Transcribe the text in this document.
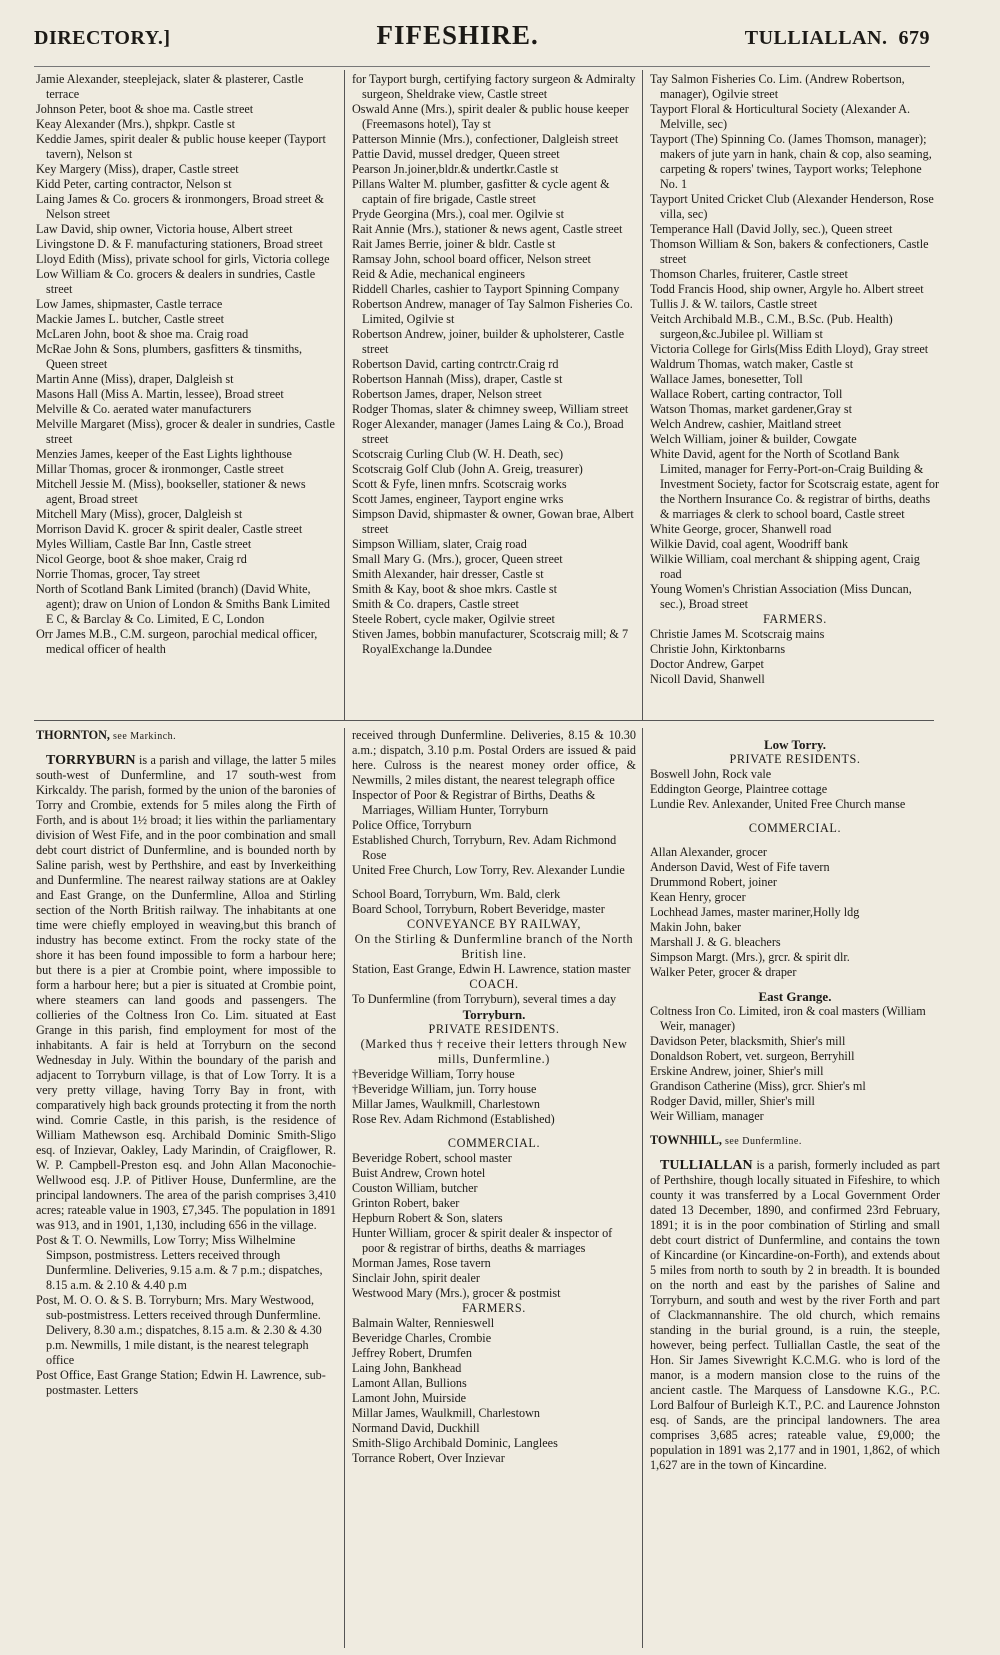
DIRECTORY.]	FIFESHIRE.	TULLIALLAN. 679

Jamie Alexander, steeplejack, slater & plasterer, Castle terrace

Johnson Peter, boot & shoe ma. Castle street

Keay Alexander (Mrs.), shpkpr. Castle st

Keddie James, spirit dealer & public house keeper (Tayport tavern), Nelson st

Key Margery (Miss), draper, Castle street

Kidd Peter, carting contractor, Nelson st

Laing James & Co. grocers & ironmongers, Broad street & Nelson street

Law David, ship owner, Victoria house, Albert street

Livingstone D. & F. manufacturing stationers, Broad street

Lloyd Edith (Miss), private school for girls, Victoria college

Low William & Co. grocers & dealers in sundries, Castle street

Low James, shipmaster, Castle terrace

Mackie James L. butcher, Castle street

McLaren John, boot & shoe ma. Craig road

McRae John & Sons, plumbers, gasfitters & tinsmiths, Queen street

Martin Anne (Miss), draper, Dalgleish st

Masons Hall (Miss A. Martin, lessee), Broad street

Melville & Co. aerated water manufacturers

Melville Margaret (Miss), grocer & dealer in sundries, Castle street

Menzies James, keeper of the East Lights lighthouse

Millar Thomas, grocer & ironmonger, Castle street

Mitchell Jessie M. (Miss), bookseller, stationer & news agent, Broad street

Mitchell Mary (Miss), grocer, Dalgleish st

Morrison David K. grocer & spirit dealer, Castle street

Myles William, Castle Bar Inn, Castle street

Nicol George, boot & shoe maker, Craig rd

Norrie Thomas, grocer, Tay street

North of Scotland Bank Limited (branch) (David White, agent); draw on Union of London & Smiths Bank Limited E C, & Barclay & Co. Limited, E C, London

Orr James M.B., C.M. surgeon, parochial medical officer, medical officer of health

for Tayport burgh, certifying factory surgeon & Admiralty surgeon, Sheldrake view, Castle street

Oswald Anne (Mrs.), spirit dealer & public house keeper (Freemasons hotel), Tay st

Patterson Minnie (Mrs.), confectioner, Dalgleish street

Pattie David, mussel dredger, Queen street

Pearson Jn.joiner,bldr.& undertkr.Castle st

Pillans Walter M. plumber, gasfitter & cycle agent & captain of fire brigade, Castle street

Pryde Georgina (Mrs.), coal mer. Ogilvie st

Rait Annie (Mrs.), stationer & news agent, Castle street

Rait James Berrie, joiner & bldr. Castle st

Ramsay John, school board officer, Nelson street

Reid & Adie, mechanical engineers

Riddell Charles, cashier to Tayport Spinning Company

Robertson Andrew, manager of Tay Salmon Fisheries Co. Limited, Ogilvie st

Robertson Andrew, joiner, builder & upholsterer, Castle street

Robertson David, carting contrctr.Craig rd

Robertson Hannah (Miss), draper, Castle st

Robertson James, draper, Nelson street

Rodger Thomas, slater & chimney sweep, William street

Roger Alexander, manager (James Laing & Co.), Broad street

Scotscraig Curling Club (W. H. Death, sec)

Scotscraig Golf Club (John A. Greig, treasurer)

Scott & Fyfe, linen mnfrs. Scotscraig works

Scott James, engineer, Tayport engine wrks

Simpson David, shipmaster & owner, Gowan brae, Albert street

Simpson William, slater, Craig road

Small Mary G. (Mrs.), grocer, Queen street

Smith Alexander, hair dresser, Castle st

Smith & Kay, boot & shoe mkrs. Castle st

Smith & Co. drapers, Castle street

Steele Robert, cycle maker, Ogilvie street

Stiven James, bobbin manufacturer, Scotscraig mill; & 7 RoyalExchange la.Dundee

Tay Salmon Fisheries Co. Lim. (Andrew Robertson, manager), Ogilvie street

Tayport Floral & Horticultural Society (Alexander A. Melville, sec)

Tayport (The) Spinning Co. (James Thomson, manager); makers of jute yarn in hank, chain & cop, also seaming, carpeting & ropers' twines, Tayport works; Telephone No. 1

Tayport United Cricket Club (Alexander Henderson, Rose villa, sec)

Temperance Hall (David Jolly, sec.), Queen street

Thomson William & Son, bakers & confectioners, Castle street

Thomson Charles, fruiterer, Castle street

Todd Francis Hood, ship owner, Argyle ho. Albert street

Tullis J. & W. tailors, Castle street

Veitch Archibald M.B., C.M., B.Sc. (Pub. Health) surgeon,&c.Jubilee pl. William st

Victoria College for Girls(Miss Edith Lloyd), Gray street

Waldrum Thomas, watch maker, Castle st

Wallace James, bonesetter, Toll

Wallace Robert, carting contractor, Toll

Watson Thomas, market gardener,Gray st

Welch Andrew, cashier, Maitland street

Welch William, joiner & builder, Cowgate

White David, agent for the North of Scotland Bank Limited, manager for Ferry-Port-on-Craig Building & Investment Society, factor for Scotscraig estate, agent for the Northern Insurance Co. & registrar of births, deaths & marriages & clerk to school board, Castle street

White George, grocer, Shanwell road

Wilkie David, coal agent, Woodriff bank

Wilkie William, coal merchant & shipping agent, Craig road

Young Women's Christian Association (Miss Duncan, sec.), Broad street

FARMERS.

Christie James M. Scotscraig mains

Christie John, Kirktonbarns

Doctor Andrew, Garpet

Nicoll David, Shanwell

THORNTON, see Markinch.

TORRYBURN is a parish and village, the latter 5 miles south-west of Dunfermline, and 17 south-west from Kirkcaldy. The parish, formed by the union of the baronies of Torry and Crombie, extends for 5 miles along the Firth of Forth, and is about 1½ broad; it lies within the parliamentary division of West Fife, and in the poor combination and small debt court district of Dunfermline, and is bounded north by Saline parish, west by Perthshire, and east by Inverkeithing and Dunfermline. The nearest railway stations are at Oakley and East Grange, on the Dunfermline, Alloa and Stirling section of the North British railway. The inhabitants at one time were chiefly employed in weaving,but this branch of industry has become extinct. From the rocky state of the shore it has been found impossible to form a harbour here; but there is a pier at Crombie point, where impossible to form a harbour here; but a pier is situated at Crombie point, where steamers can land goods and passengers. The collieries of the Coltness Iron Co. Lim. situated at East Grange in this parish, find employment for most of the inhabitants. A fair is held at Torryburn on the second Wednesday in July. Within the boundary of the parish and adjacent to Torryburn village, is that of Low Torry. It is a very pretty village, having Torry Bay in front, with comparatively high back grounds protecting it from the north wind. Comrie Castle, in this parish, is the residence of William Mathewson esq. Archibald Dominic Smith-Sligo esq. of Inzievar, Oakley, Lady Marindin, of Craigflower, R. W. P. Campbell-Preston esq. and John Allan Maconochie-Wellwood esq. J.P. of Pitliver House, Dunfermline, are the principal landowners. The area of the parish comprises 3,410 acres; rateable value in 1903, £7,345. The population in 1891 was 913, and in 1901, 1,130, including 656 in the village.

Post & T. O. Newmills, Low Torry; Miss Wilhelmine Simpson, postmistress. Letters received through Dunfermline. Deliveries, 9.15 a.m. & 7 p.m.; dispatches, 8.15 a.m. & 2.10 & 4.40 p.m

Post, M. O. O. & S. B. Torryburn; Mrs. Mary Westwood, sub-postmistress. Letters received through Dunfermline. Delivery, 8.30 a.m.; dispatches, 8.15 a.m. & 2.30 & 4.30 p.m. Newmills, 1 mile distant, is the nearest telegraph office

Post Office, East Grange Station; Edwin H. Lawrence, sub-postmaster. Letters

received through Dunfermline. Deliveries, 8.15 & 10.30 a.m.; dispatch, 3.10 p.m. Postal Orders are issued & paid here. Culross is the nearest money order office, & Newmills, 2 miles distant, the nearest telegraph office

Inspector of Poor & Registrar of Births, Deaths & Marriages, William Hunter, Torryburn

Police Office, Torryburn

Established Church, Torryburn, Rev. Adam Richmond Rose

United Free Church, Low Torry, Rev. Alexander Lundie

School Board, Torryburn, Wm. Bald, clerk

Board School, Torryburn, Robert Beveridge, master

CONVEYANCE BY RAILWAY,

On the Stirling & Dunfermline branch of the North British line.

Station, East Grange, Edwin H. Lawrence, station master

COACH.

To Dunfermline (from Torryburn), several times a day

Torryburn.

PRIVATE RESIDENTS.

(Marked thus † receive their letters through New mills, Dunfermline.)

†Beveridge William, Torry house

†Beveridge William, jun. Torry house

Millar James, Waulkmill, Charlestown

Rose Rev. Adam Richmond (Established)

COMMERCIAL.

Beveridge Robert, school master

Buist Andrew, Crown hotel

Couston William, butcher

Grinton Robert, baker

Hepburn Robert & Son, slaters

Hunter William, grocer & spirit dealer & inspector of poor & registrar of births, deaths & marriages

Morman James, Rose tavern

Sinclair John, spirit dealer

Westwood Mary (Mrs.), grocer & postmist

FARMERS.

Balmain Walter, Rennieswell

Beveridge Charles, Crombie

Jeffrey Robert, Drumfen

Laing John, Bankhead

Lamont Allan, Bullions

Lamont John, Muirside

Millar James, Waulkmill, Charlestown

Normand David, Duckhill

Smith-Sligo Archibald Dominic, Langlees

Torrance Robert, Over Inzievar

Low Torry.

PRIVATE RESIDENTS.

Boswell John, Rock vale

Eddington George, Plaintree cottage

Lundie Rev. Anlexander, United Free Church manse

COMMERCIAL.

Allan Alexander, grocer

Anderson David, West of Fife tavern

Drummond Robert, joiner

Kean Henry, grocer

Lochhead James, master mariner,Holly ldg

Makin John, baker

Marshall J. & G. bleachers

Simpson Margt. (Mrs.), grcr. & spirit dlr.

Walker Peter, grocer & draper

East Grange.

Coltness Iron Co. Limited, iron & coal masters (William Weir, manager)

Davidson Peter, blacksmith, Shier's mill

Donaldson Robert, vet. surgeon, Berryhill

Erskine Andrew, joiner, Shier's mill

Grandison Catherine (Miss), grcr. Shier's ml

Rodger David, miller, Shier's mill

Weir William, manager

TOWNHILL, see Dunfermline.

TULLIALLAN is a parish, formerly included as part of Perthshire, though locally situated in Fifeshire, to which county it was transferred by a Local Government Order dated 13 December, 1890, and confirmed 23rd February, 1891; it is in the poor combination of Stirling and small debt court district of Dunfermline, and contains the town of Kincardine (or Kincardine-on-Forth), and extends about 5 miles from north to south by 2 in breadth. It is bounded on the north and east by the parishes of Saline and Torryburn, and south and west by the river Forth and part of Clackmannanshire. The old church, which remains standing in the burial ground, is a ruin, the steeple, however, being perfect. Tulliallan Castle, the seat of the Hon. Sir James Sivewright K.C.M.G. who is lord of the manor, is a modern mansion close to the ruins of the ancient castle. The Marquess of Lansdowne K.G., P.C. Lord Balfour of Burleigh K.T., P.C. and Laurence Johnston esq. of Sands, are the principal landowners. The area comprises 3,685 acres; rateable value, £9,000; the population in 1891 was 2,177 and in 1901, 1,862, of which 1,627 are in the town of Kincardine.
